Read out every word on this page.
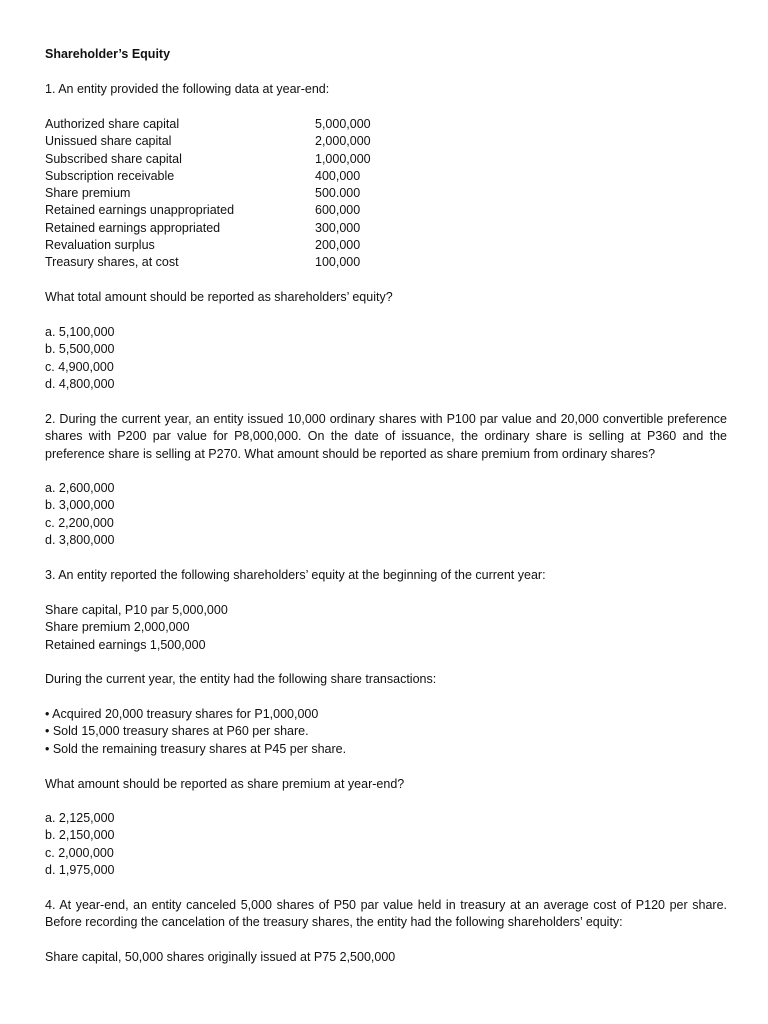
Shareholder’s Equity
1. An entity provided the following data at year-end:
Authorized share capital	5,000,000
Unissued share capital	2,000,000
Subscribed share capital	1,000,000
Subscription receivable	400,000
Share premium	500.000
Retained earnings unappropriated	600,000
Retained earnings appropriated	300,000
Revaluation surplus	200,000
Treasury shares, at cost	100,000
What total amount should be reported as shareholders’ equity?
a. 5,100,000
b. 5,500,000
c. 4,900,000
d. 4,800,000
2. During the current year, an entity issued 10,000 ordinary shares with P100 par value and 20,000 convertible preference shares with P200 par value for P8,000,000. On the date of issuance, the ordinary share is selling at P360 and the preference share is selling at P270. What amount should be reported as share premium from ordinary shares?
a. 2,600,000
b. 3,000,000
c. 2,200,000
d. 3,800,000
3. An entity reported the following shareholders’ equity at the beginning of the current year:
Share capital, P10 par 5,000,000
Share premium 2,000,000
Retained earnings 1,500,000
During the current year, the entity had the following share transactions:
• Acquired 20,000 treasury shares for P1,000,000
• Sold 15,000 treasury shares at P60 per share.
• Sold the remaining treasury shares at P45 per share.
What amount should be reported as share premium at year-end?
a. 2,125,000
b. 2,150,000
c. 2,000,000
d. 1,975,000
4. At year-end, an entity canceled 5,000 shares of P50 par value held in treasury at an average cost of P120 per share. Before recording the cancelation of the treasury shares, the entity had the following shareholders’ equity:
Share capital, 50,000 shares originally issued at P75 2,500,000
